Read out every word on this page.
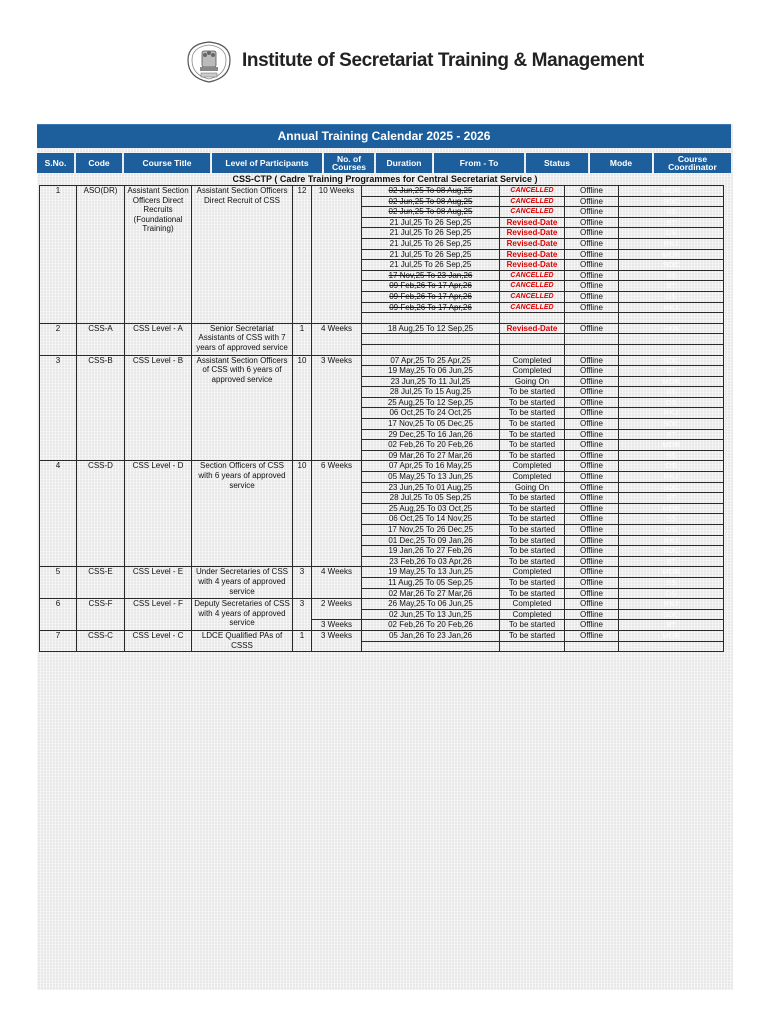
Institute of Secretariat Training & Management
Annual Training Calendar 2025 - 2026
S.No.	Code	Course Title	Level of Participants	No. of Courses	Duration	From - To	Status	Mode	Course Coordinator
CSS-CTP ( Cadre Training Programmes for Central Secretariat Service )
1	ASO(DR)	Assistant Section Officers Direct Recruits (Foundational Training)	Assistant Section Officers Direct Recruit of CSS	12	10 Weeks	02 Jun,25 To 08 Aug,25	CANCELLED	Offline	MDR
						02 Jun,25 To 08 Aug,25	CANCELLED	Offline	SOC
						02 Jun,25 To 08 Aug,25	CANCELLED	Offline	SS
						21 Jul,25 To 26 Sep,25	Revised-Date	Offline	BT
						21 Jul,25 To 26 Sep,25	Revised-Date	Offline	DS
						21 Jul,25 To 26 Sep,25	Revised-Date	Offline	RKJ
						21 Jul,25 To 26 Sep,25	Revised-Date	Offline	MDR
						21 Jul,25 To 26 Sep,25	Revised-Date	Offline	SOC
						17 Nov,25 To 23 Jan,26	CANCELLED	Offline	SS
						09 Feb,26 To 17 Apr,26	CANCELLED	Offline	BT
						09 Feb,26 To 17 Apr,26	CANCELLED	Offline	DS
						09 Feb,26 To 17 Apr,26	CANCELLED	Offline	RKJ

2	CSS-A	CSS Level - A	Senior Secretariat Assistants of CSS with 7 years of approved service	1	4 Weeks	18 Aug,25 To 12 Sep,25	Revised-Date	Offline	RKN

3	CSS-B	CSS Level - B	Assistant Section Officers of CSS with 6 years of approved service	10	3 Weeks	07 Apr,25 To 25 Apr,25	Completed	Offline	SOC
						19 May,25 To 06 Jun,25	Completed	Offline	BT
						23 Jun,25 To 11 Jul,25	Going On	Offline	MDR
						28 Jul,25 To 15 Aug,25	To be started	Offline	SS
						25 Aug,25 To 12 Sep,25	To be started	Offline	DS
						06 Oct,25 To 24 Oct,25	To be started	Offline	RKJ
						17 Nov,25 To 05 Dec,25	To be started	Offline	SOC
						29 Dec,25 To 16 Jan,26	To be started	Offline	BT
						02 Feb,26 To 20 Feb,26	To be started	Offline	MDR
						09 Mar,26 To 27 Mar,26	To be started	Offline	SS
4	CSS-D	CSS Level - D	Section Officers of CSS with 6 years of approved service	10	6 Weeks	07 Apr,25 To 16 May,25	Completed	Offline	DS
						05 May,25 To 13 Jun,25	Completed	Offline	RKJ
						23 Jun,25 To 01 Aug,25	Going On	Offline	SOC
						28 Jul,25 To 05 Sep,25	To be started	Offline	BT
						25 Aug,25 To 03 Oct,25	To be started	Offline	MDR
						06 Oct,25 To 14 Nov,25	To be started	Offline	SS
						17 Nov,25 To 26 Dec,25	To be started	Offline	DS
						01 Dec,25 To 09 Jan,26	To be started	Offline	RKJ
						19 Jan,26 To 27 Feb,26	To be started	Offline	SOC
						23 Feb,26 To 03 Apr,26	To be started	Offline	BT
5	CSS-E	CSS Level - E	Under Secretaries of CSS with 4 years of approved service	3	4 Weeks	19 May,25 To 13 Jun,25	Completed	Offline	MDR
						11 Aug,25 To 05 Sep,25	To be started	Offline	SS
						02 Mar,26 To 27 Mar,26	To be started	Offline	DS
6	CSS-F	CSS Level - F	Deputy Secretaries of CSS with 4 years of approved service	3	2 Weeks	26 May,25 To 06 Jun,25	Completed	Offline	RKJ
						02 Jun,25 To 13 Jun,25	Completed	Offline	SOC
					3 Weeks	02 Feb,26 To 20 Feb,26	To be started	Offline	BT
7	CSS-C	CSS Level - C	LDCE Qualified PAs of CSSS	1	3 Weeks	05 Jan,26 To 23 Jan,26	To be started	Offline	MDR
